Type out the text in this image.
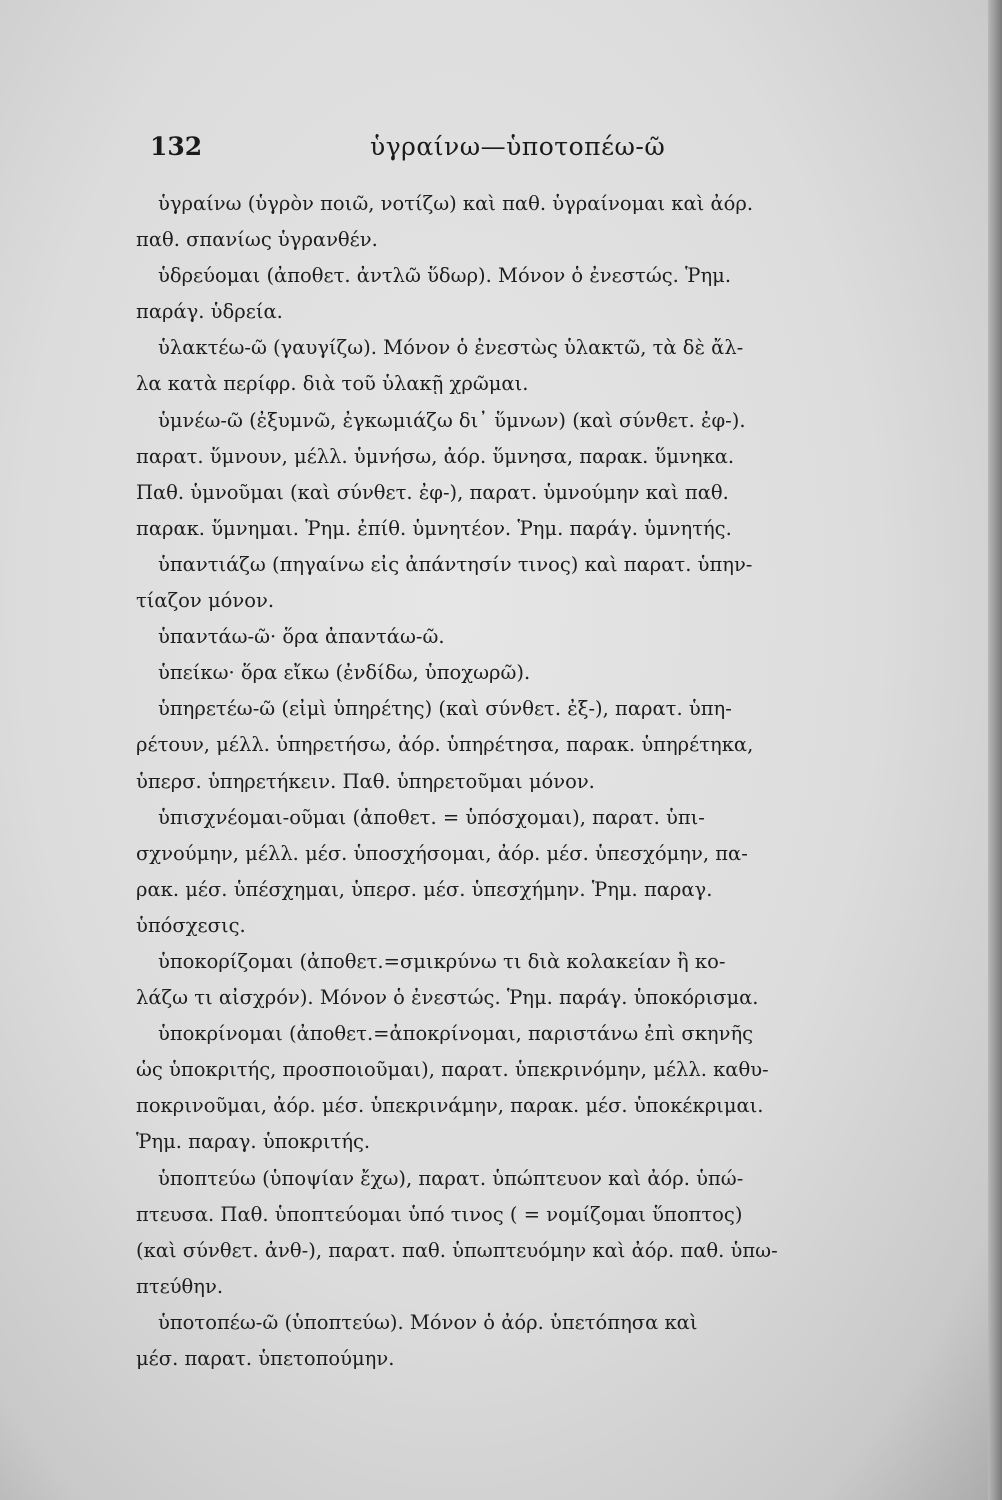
132	ὑγραίνω—ὑποτοπέω-ῶ
ὑγραίνω (ὑγρὸν ποιῶ, νοτίζω) καὶ παθ. ὑγραίνομαι καὶ ἀόρ.
παθ. σπανίως ὑγρανθέν.
ὑδρεύομαι (ἀποθετ. ἀντλῶ ὕδωρ). Μόνον ὁ ἐνεστώς. Ῥημ.
παράγ. ὑδρεία.
ὑλακτέω-ῶ (γαυγίζω). Μόνον ὁ ἐνεστὼς ὑλακτῶ, τὰ δὲ ἄλ-
λα κατὰ περίφρ. διὰ τοῦ ὑλακῇ χρῶμαι.
ὑμνέω-ῶ (ἐξυμνῶ, ἐγκωμιάζω δι᾽ ὕμνων) (καὶ σύνθετ. ἐφ-).
παρατ. ὕμνουν, μέλλ. ὑμνήσω, ἀόρ. ὕμνησα, παρακ. ὕμνηκα.
Παθ. ὑμνοῦμαι (καὶ σύνθετ. ἐφ-), παρατ. ὑμνούμην καὶ παθ.
παρακ. ὕμνημαι. Ῥημ. ἐπίθ. ὑμνητέον. Ῥημ. παράγ. ὑμνητής.
ὑπαντιάζω (πηγαίνω εἰς ἀπάντησίν τινος) καὶ παρατ. ὑπην-
τίαζον μόνον.
ὑπαντάω-ῶ· ὅρα ἀπαντάω-ῶ.
ὑπείκω· ὅρα εἴκω (ἐνδίδω, ὑποχωρῶ).
ὑπηρετέω-ῶ (εἰμὶ ὑπηρέτης) (καὶ σύνθετ. ἐξ-), παρατ. ὑπη-
ρέτουν, μέλλ. ὑπηρετήσω, ἀόρ. ὑπηρέτησα, παρακ. ὑπηρέτηκα,
ὑπερσ. ὑπηρετήκειν. Παθ. ὑπηρετοῦμαι μόνον.
ὑπισχνέομαι-οῦμαι (ἀποθετ. = ὑπόσχομαι), παρατ. ὑπι-
σχνούμην, μέλλ. μέσ. ὑποσχήσομαι, ἀόρ. μέσ. ὑπεσχόμην, πα-
ρακ. μέσ. ὑπέσχημαι, ὑπερσ. μέσ. ὑπεσχήμην. Ῥημ. παραγ.
ὑπόσχεσις.
ὑποκορίζομαι (ἀποθετ.=σμικρύνω τι διὰ κολακείαν ἢ κο-
λάζω τι αἰσχρόν). Μόνον ὁ ἐνεστώς. Ῥημ. παράγ. ὑποκόρισμα.
ὑποκρίνομαι (ἀποθετ.=ἀποκρίνομαι, παριστάνω ἐπὶ σκηνῆς
ὡς ὑποκριτής, προσποιοῦμαι), παρατ. ὑπεκρινόμην, μέλλ. καθυ-
ποκρινοῦμαι, ἀόρ. μέσ. ὑπεκρινάμην, παρακ. μέσ. ὑποκέκριμαι.
Ῥημ. παραγ. ὑποκριτής.
ὑποπτεύω (ὑποψίαν ἔχω), παρατ. ὑπώπτευον καὶ ἀόρ. ὑπώ-
πτευσα. Παθ. ὑποπτεύομαι ὑπό τινος ( = νομίζομαι ὕποπτος)
(καὶ σύνθετ. ἀνθ-), παρατ. παθ. ὑπωπτευόμην καὶ ἀόρ. παθ. ὑπω-
πτεύθην.
ὑποτοπέω-ῶ (ὑποπτεύω). Μόνον ὁ ἀόρ. ὑπετόπησα καὶ
μέσ. παρατ. ὑπετοπούμην.
